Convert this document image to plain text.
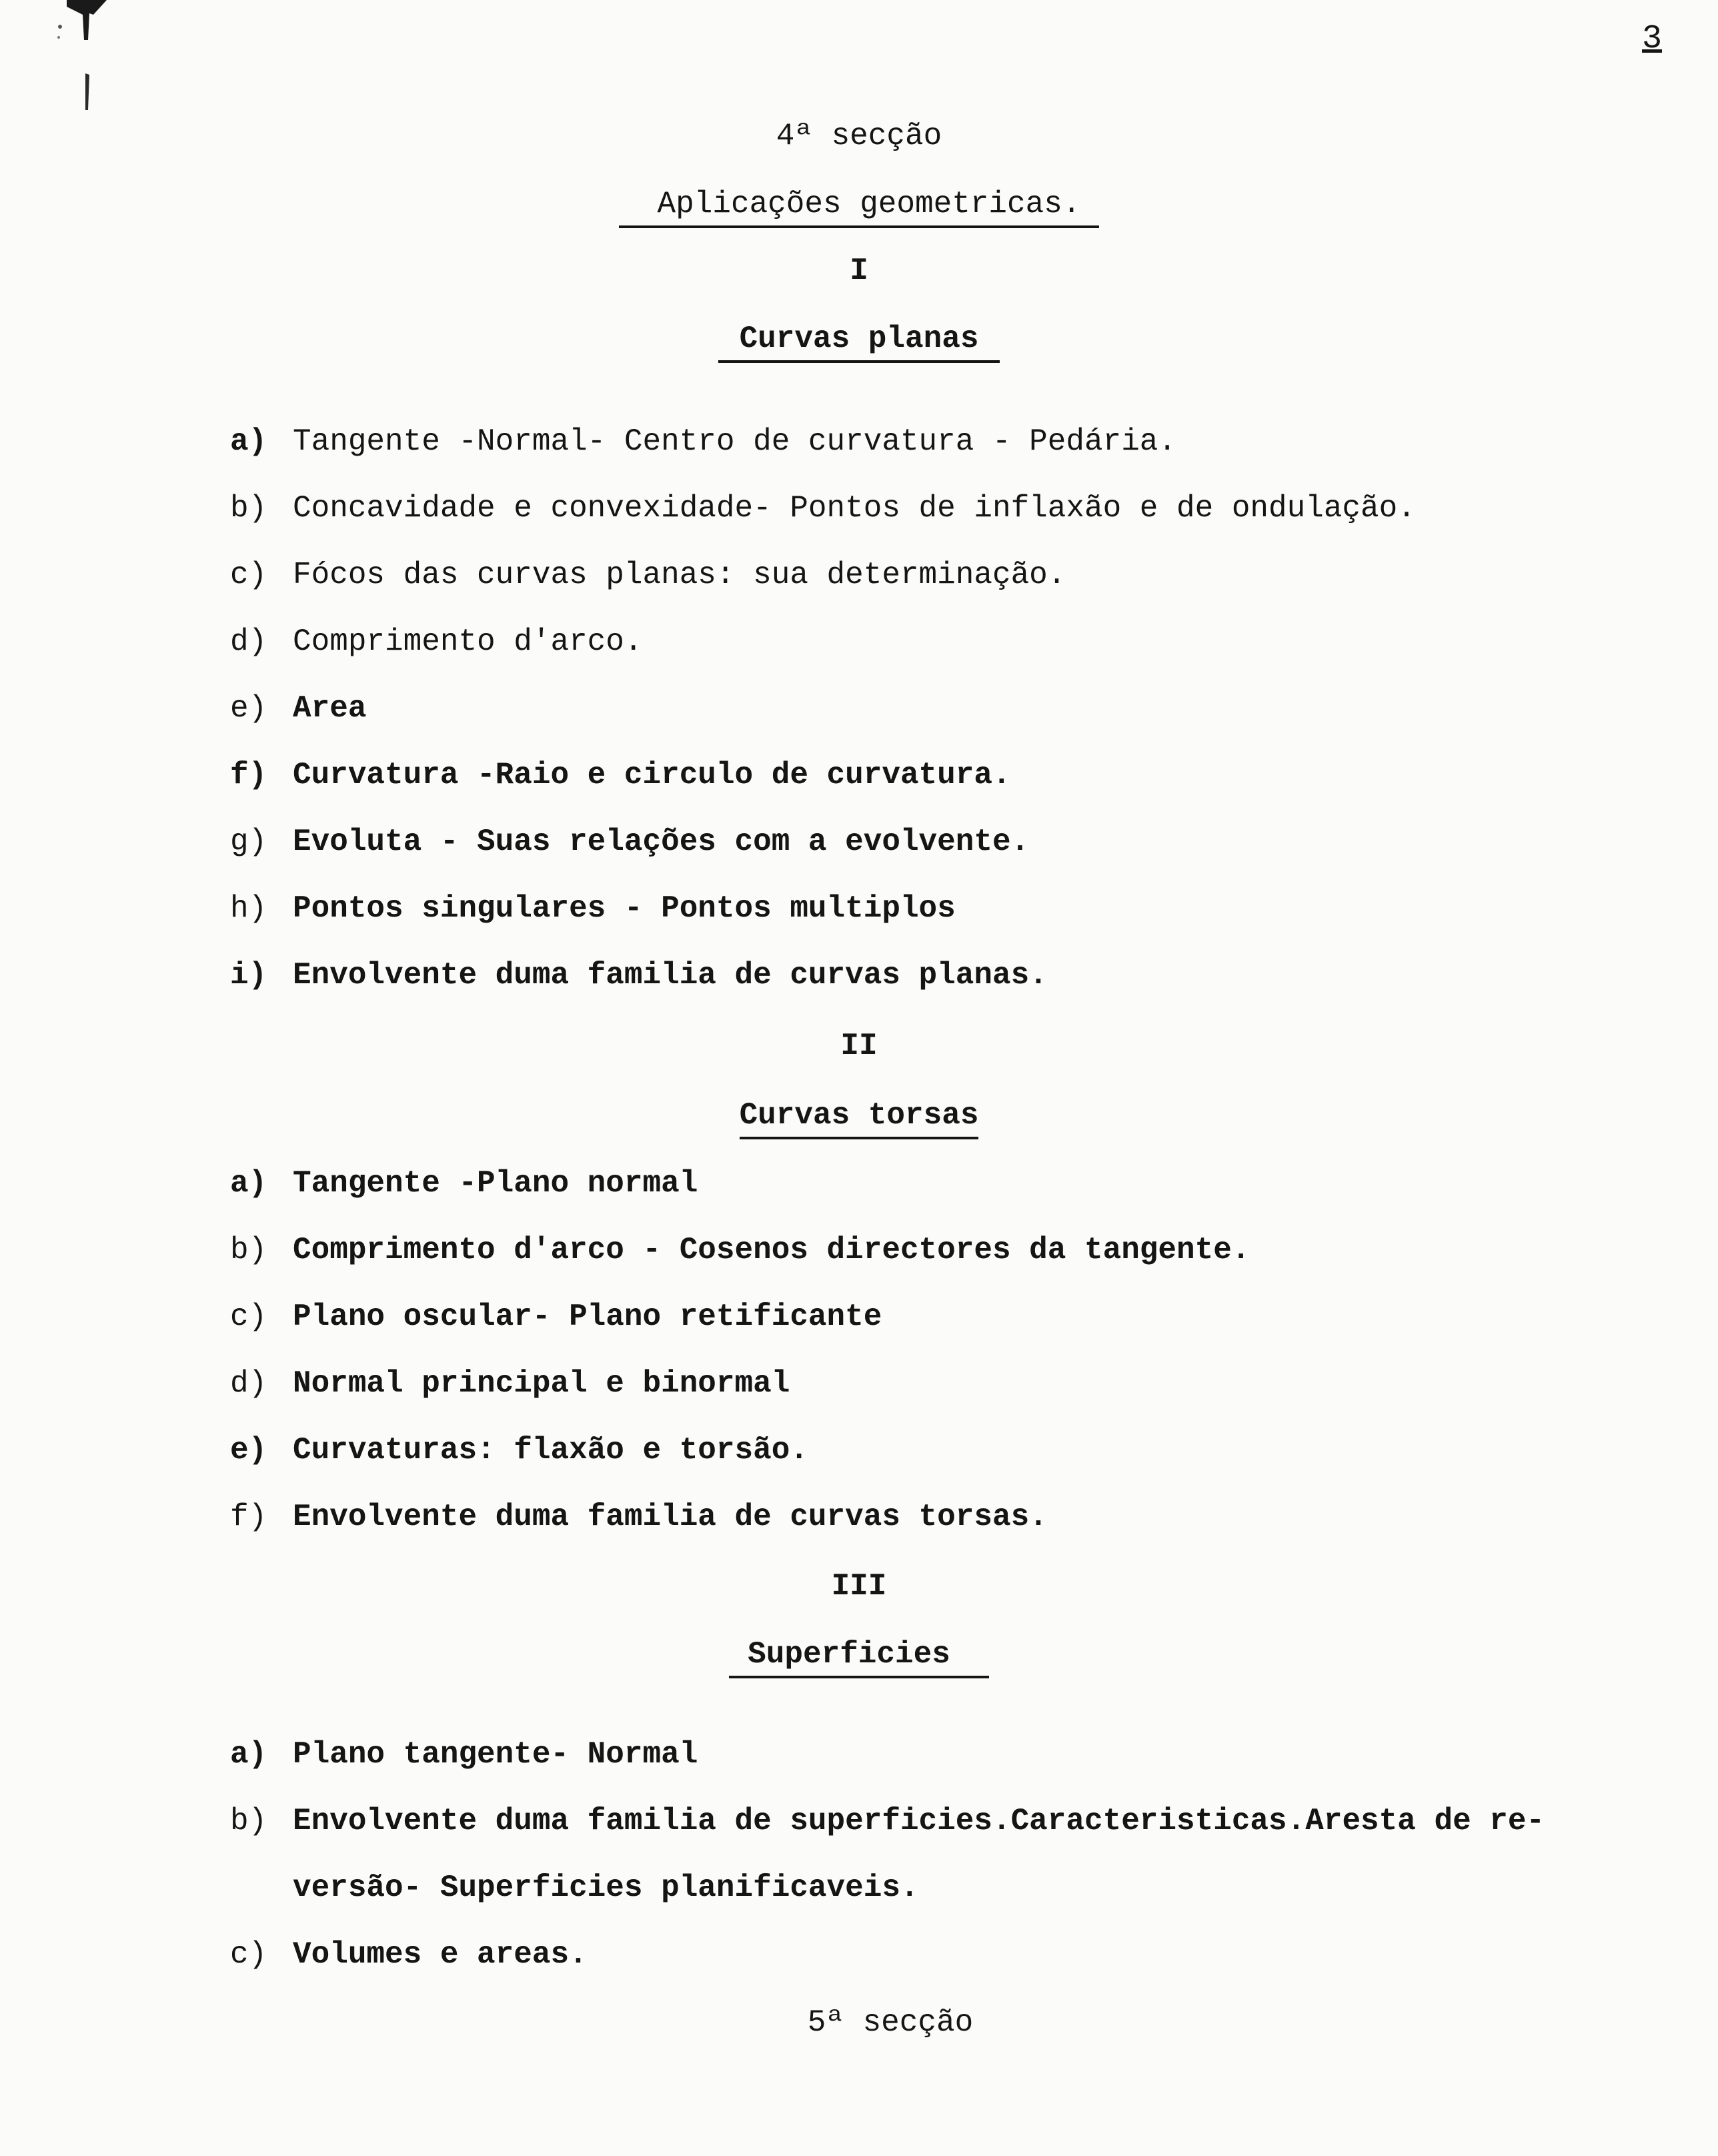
3
4ª secção
Aplicações geometricas.
I
Curvas planas
a) Tangente -Normal- Centro de curvatura - Pedária.
b) Concavidade e convexidade- Pontos de inflaxão e de ondulação.
c) Fócos das curvas planas: sua determinação.
d) Comprimento d'arco.
e) Area
f) Curvatura -Raio e circulo de curvatura.
g) Evoluta - Suas relações com a evolvente.
h) Pontos singulares - Pontos multiplos
i) Envolvente duma familia de curvas planas.
II
Curvas torsas
a) Tangente -Plano normal
b) Comprimento d'arco - Cosenos directores da tangente.
c) Plano oscular- Plano retificante
d) Normal principal e binormal
e) Curvaturas: flaxão e torsão.
f) Envolvente duma familia de curvas torsas.
III
Superficies
a) Plano tangente- Normal
b) Envolvente duma familia de superficies.Caracteristicas.Aresta de re-
versão- Superficies planificaveis.
c) Volumes e areas.
5ª secção
